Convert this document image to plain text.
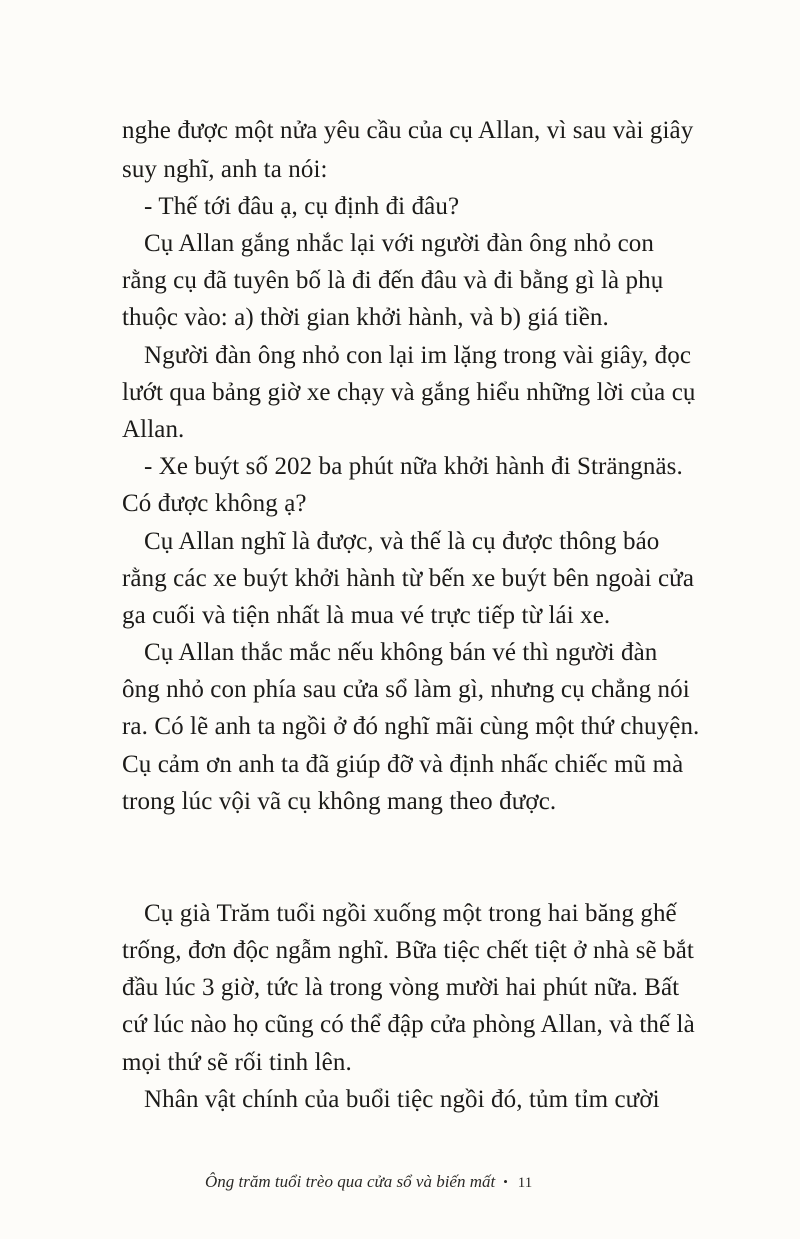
nghe được một nửa yêu cầu của cụ Allan, vì sau vài giây
suy nghĩ, anh ta nói:
- Thế tới đâu ạ, cụ định đi đâu?
Cụ Allan gắng nhắc lại với người đàn ông nhỏ con
rằng cụ đã tuyên bố là đi đến đâu và đi bằng gì là phụ
thuộc vào: a) thời gian khởi hành, và b) giá tiền.
Người đàn ông nhỏ con lại im lặng trong vài giây, đọc
lướt qua bảng giờ xe chạy và gắng hiểu những lời của cụ
Allan.
- Xe buýt số 202 ba phút nữa khởi hành đi Strängnäs.
Có được không ạ?
Cụ Allan nghĩ là được, và thế là cụ được thông báo
rằng các xe buýt khởi hành từ bến xe buýt bên ngoài cửa
ga cuối và tiện nhất là mua vé trực tiếp từ lái xe.
Cụ Allan thắc mắc nếu không bán vé thì người đàn
ông nhỏ con phía sau cửa sổ làm gì, nhưng cụ chẳng nói
ra. Có lẽ anh ta ngồi ở đó nghĩ mãi cùng một thứ chuyện.
Cụ cảm ơn anh ta đã giúp đỡ và định nhấc chiếc mũ mà
trong lúc vội vã cụ không mang theo được.
Cụ già Trăm tuổi ngồi xuống một trong hai băng ghế
trống, đơn độc ngẫm nghĩ. Bữa tiệc chết tiệt ở nhà sẽ bắt
đầu lúc 3 giờ, tức là trong vòng mười hai phút nữa. Bất
cứ lúc nào họ cũng có thể đập cửa phòng Allan, và thế là
mọi thứ sẽ rối tinh lên.
Nhân vật chính của buổi tiệc ngồi đó, tủm tỉm cười
Ông trăm tuổi trèo qua cửa sổ và biến mất • 11
